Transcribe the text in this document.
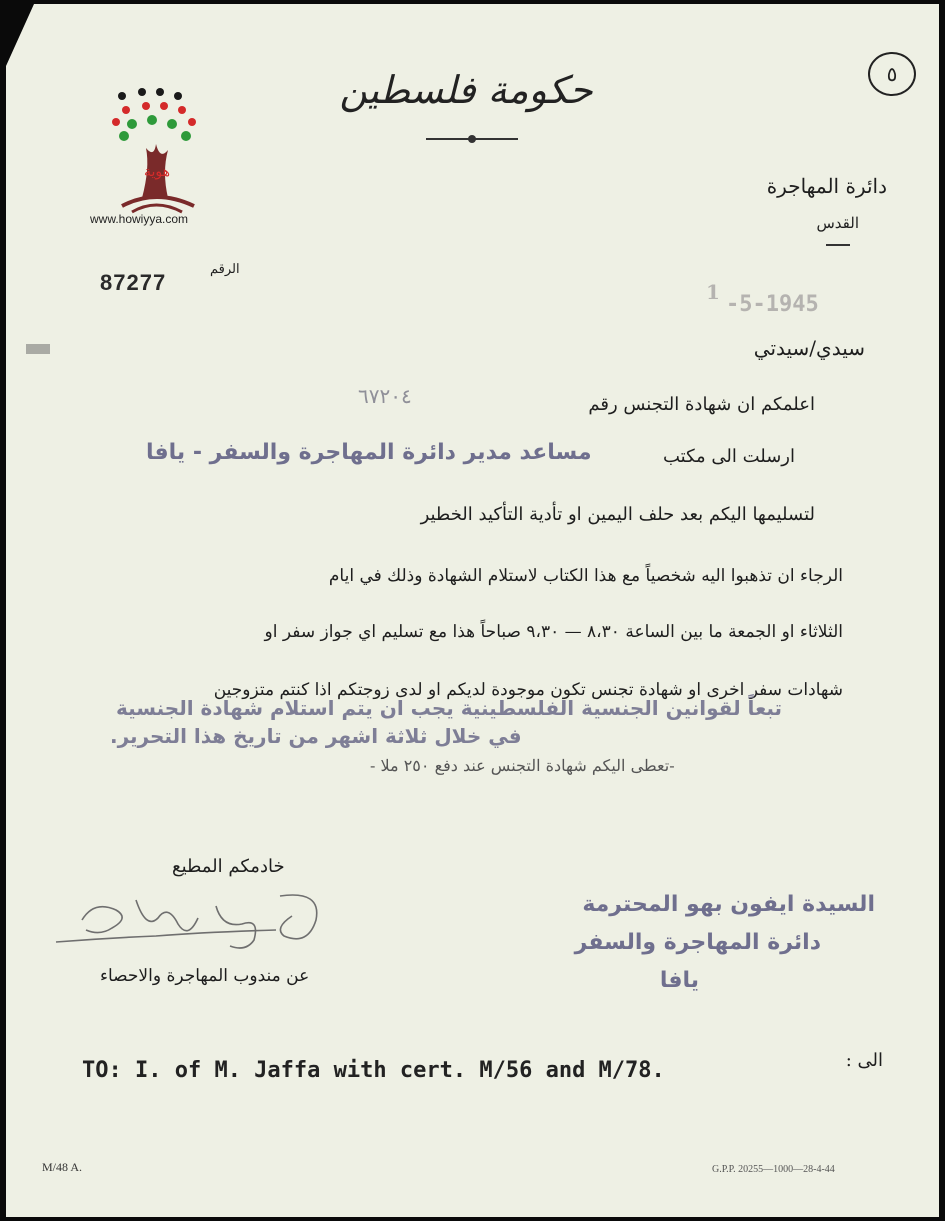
٥
حكومة فلسطين
دائرة المهاجرة
القدس
هوية
www.howiyya.com
الرقم
87277	1 -5-1945
سيدي/سيدتي
اعلمكم ان شهادة التجنس رقم
٦٧٢٠٤
ارسلت الى مكتب
مساعد مدير دائرة المهاجرة والسفر - يافا
لتسليمها اليكم بعد حلف اليمين او تأدية التأكيد الخطير
الرجاء ان تذهبوا اليه شخصياً مع هذا الكتاب لاستلام الشهادة وذلك في ايام
الثلاثاء او الجمعة ما بين الساعة ٨،٣٠ — ٩،٣٠ صباحاً هذا مع تسليم اي جواز سفر او
شهادات سفر اخرى او شهادة تجنس تكون موجودة لديكم او لدى زوجتكم اذا كنتم متزوجين
تبعاً لقوانين الجنسية الفلسطينية يجب ان يتم استلام شهادة الجنسية
في خلال ثلاثة اشهر من تاريخ هذا التحرير.
-تعطى اليكم شهادة التجنس عند دفع ٢٥٠ ملا -
خادمكم المطيع
عن مندوب المهاجرة والاحصاء
السيدة ايفون بهو المحترمة
دائرة المهاجرة والسفر
يافا
الى :
TO: I. of M. Jaffa with cert. M/56 and M/78.
M/48 A.	G.P.P. 20255—1000—28-4-44
